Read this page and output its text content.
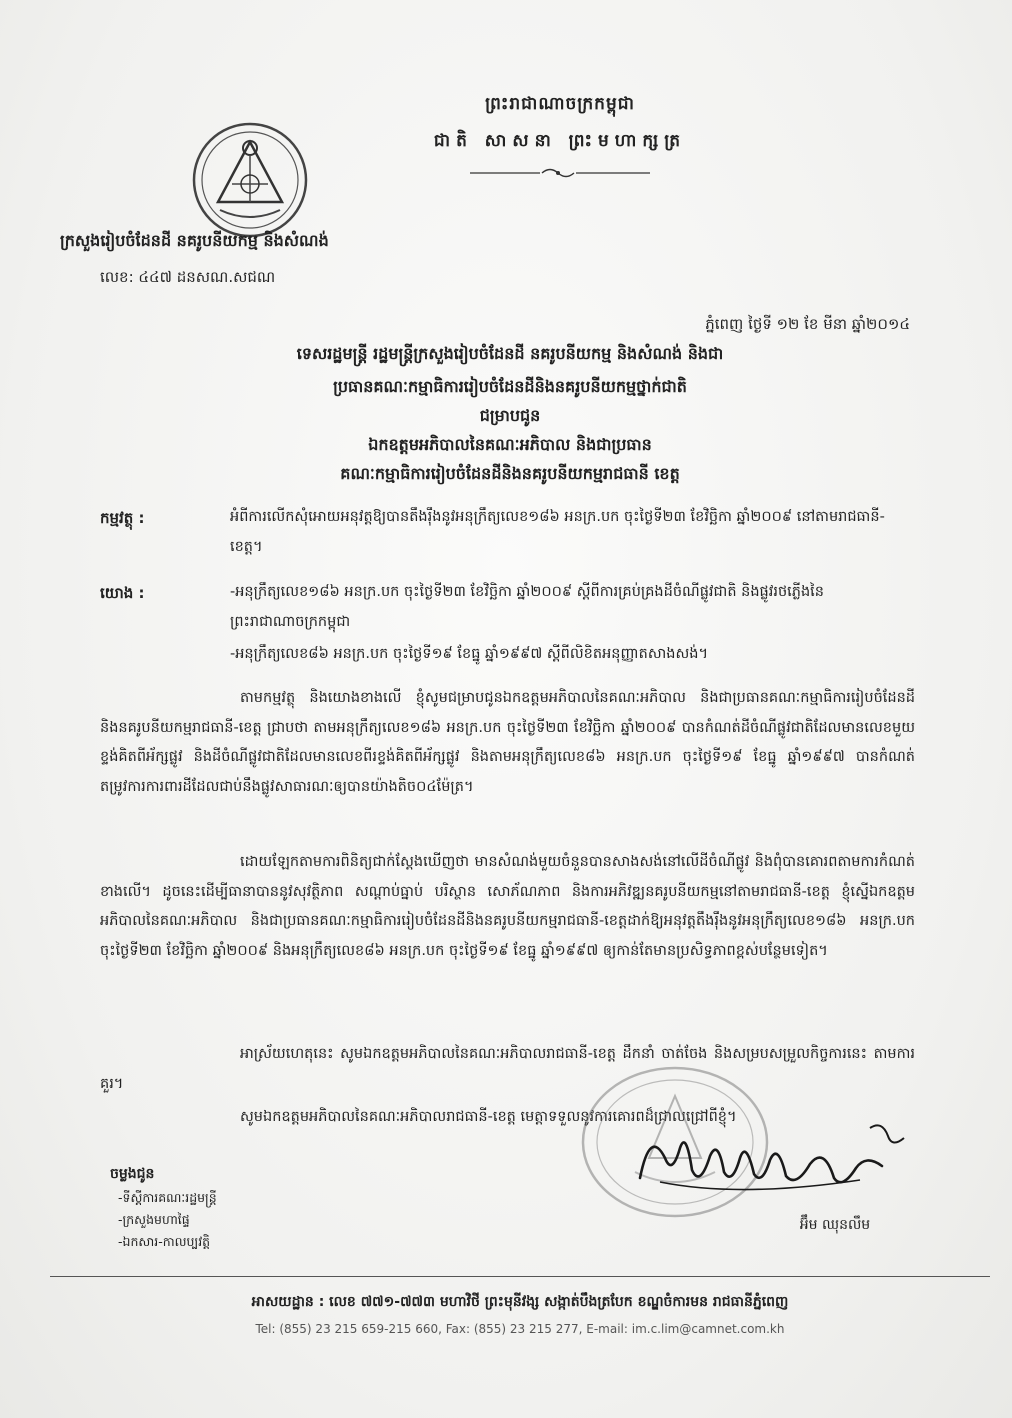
ព្រះរាជាណាចក្រកម្ពុជា
ជាតិ សាសនា ព្រះមហាក្សត្រ
ក្រសួងរៀបចំដែនដី នគរូបនីយកម្ម និងសំណង់
លេខ: ៤៤៧ ដនសណ.សជណ
ភ្នំពេញ ថ្ងៃទី ១២ ខែ មីនា ឆ្នាំ២០១៤
ទេសរដ្ឋមន្ត្រី រដ្ឋមន្ត្រីក្រសួងរៀបចំដែនដី នគរូបនីយកម្ម និងសំណង់ និងជា
ប្រធានគណៈកម្មាធិការរៀបចំដែនដីនិងនគរូបនីយកម្មថ្នាក់ជាតិ
ជម្រាបជូន
ឯកឧត្តមអភិបាលនៃគណៈអភិបាល និងជាប្រធាន
គណៈកម្មាធិការរៀបចំដែនដីនិងនគរូបនីយកម្មរាជធានី ខេត្ត
កម្មវត្ថុ :	អំពីការលើកសុំអោយអនុវត្តឱ្យបានតឹងរ៉ឹងនូវអនុក្រឹត្យលេខ១៨៦ អនក្រ.បក ចុះថ្ងៃទី២៣ ខែវិច្ឆិកា ឆ្នាំ២០០៩ នៅតាមរាជធានី-ខេត្ត។
យោង :	-អនុក្រឹត្យលេខ១៨៦ អនក្រ.បក ចុះថ្ងៃទី២៣ ខែវិច្ឆិកា ឆ្នាំ២០០៩ ស្តីពីការគ្រប់គ្រងដីចំណីផ្លូវជាតិ និងផ្លូវរថភ្លើងនៃព្រះរាជាណាចក្រកម្ពុជា
-អនុក្រឹត្យលេខ៨៦ អនក្រ.បក ចុះថ្ងៃទី១៩ ខែធ្នូ ឆ្នាំ១៩៩៧ ស្តីពីលិខិតអនុញ្ញាតសាងសង់។
តាមកម្មវត្ថុ និងយោងខាងលើ ខ្ញុំសូមជម្រាបជូនឯកឧត្តមអភិបាលនៃគណៈអភិបាល និងជាប្រធានគណៈកម្មាធិការរៀបចំដែនដីនិងនគរូបនីយកម្មរាជធានី-ខេត្ត ជ្រាបថា តាមអនុក្រឹត្យលេខ១៨៦ អនក្រ.បក ចុះថ្ងៃទី២៣ ខែវិច្ឆិកា ឆ្នាំ២០០៩ បានកំណត់ដីចំណីផ្លូវជាតិដែលមានលេខមួយខ្ទង់គិតពីអ័ក្សផ្លូវ និងដីចំណីផ្លូវជាតិដែលមានលេខពីរខ្ទង់គិតពីអ័ក្សផ្លូវ និងតាមអនុក្រឹត្យលេខ៨៦ អនក្រ.បក ចុះថ្ងៃទី១៩ ខែធ្នូ ឆ្នាំ១៩៩៧ បានកំណត់តម្រូវការការពារដីដែលជាប់នឹងផ្លូវសាធារណៈឲ្យបានយ៉ាងតិច០៤ម៉ែត្រ។
ដោយឡែកតាមការពិនិត្យជាក់ស្តែងឃើញថា មានសំណង់មួយចំនួនបានសាងសង់នៅលើដីចំណីផ្លូវ និងពុំបានគោរពតាមការកំណត់ខាងលើ។ ដូចនេះដើម្បីធានាបាននូវសុវត្ថិភាព សណ្តាប់ធ្នាប់ បរិស្ថាន សោភ័ណភាព និងការអភិវឌ្ឍនគរូបនីយកម្មនៅតាមរាជធានី-ខេត្ត ខ្ញុំស្នើឯកឧត្តមអភិបាលនៃគណៈអភិបាល និងជាប្រធានគណៈកម្មាធិការរៀបចំដែនដីនិងនគរូបនីយកម្មរាជធានី-ខេត្តដាក់ឱ្យអនុវត្តតឹងរ៉ឹងនូវអនុក្រឹត្យលេខ១៨៦ អនក្រ.បក ចុះថ្ងៃទី២៣ ខែវិច្ឆិកា ឆ្នាំ២០០៩ និងអនុក្រឹត្យលេខ៨៦ អនក្រ.បក ចុះថ្ងៃទី១៩ ខែធ្នូ ឆ្នាំ១៩៩៧ ឲ្យកាន់តែមានប្រសិទ្ធភាពខ្ពស់បន្ថែមទៀត។
អាស្រ័យហេតុនេះ សូមឯកឧត្តមអភិបាលនៃគណៈអភិបាលរាជធានី-ខេត្ត ដឹកនាំ ចាត់ចែង និងសម្របសម្រួលកិច្ចការនេះ តាមការគួរ។
សូមឯកឧត្តមអភិបាលនៃគណៈអភិបាលរាជធានី-ខេត្ត មេត្តាទទួលនូវការគោរពដ៏ជ្រាលជ្រៅពីខ្ញុំ។
អ៊ឹម ឈុនលឹម
ចម្លងជូន
-ទីស្តីការគណៈរដ្ឋមន្ត្រី
-ក្រសួងមហាផ្ទៃ
-ឯកសារ-កាលប្បវត្តិ
អាសយដ្ឋាន : លេខ ៧៧១-៧៧៣ មហាវិថី ព្រះមុនីវង្ស សង្កាត់បឹងត្របែក ខណ្ឌចំការមន រាជធានីភ្នំពេញ
Tel: (855) 23 215 659-215 660, Fax: (855) 23 215 277, E-mail: im.c.lim@camnet.com.kh
